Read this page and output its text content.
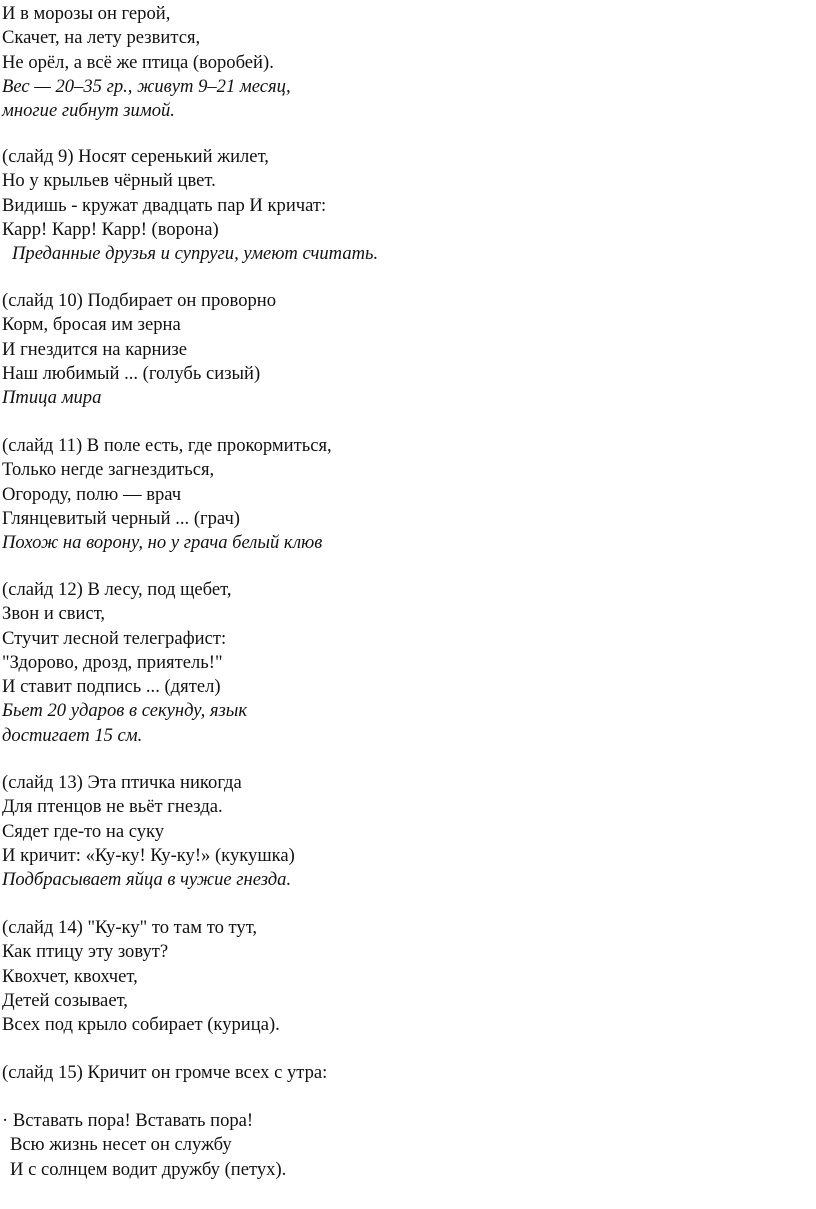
И в морозы он герой,
Скачет, на лету резвится,
Не орёл, а всё же птица (воробей).
Вес — 20–35 гр., живут 9–21 месяц,
многие гибнут зимой.
(слайд 9) Носят серенький жилет,
Но у крыльев чёрный цвет.
Видишь - кружат двадцать пар И кричат:
Карр! Карр! Карр! (ворона)
Преданные друзья и супруги, умеют считать.
(слайд 10) Подбирает он проворно
Корм, бросая им зерна
И гнездится на карнизе
Наш любимый ... (голубь сизый)
Птица мира
(слайд 11) В поле есть, где прокормиться,
Только негде загнездиться,
Огороду, полю — врач
Глянцевитый черный ... (грач)
Похож на ворону, но у грача белый клюв
(слайд 12) В лесу, под щебет,
Звон и свист,
Стучит лесной телеграфист:
"Здорово, дрозд, приятель!"
И ставит подпись ... (дятел)
Бьет 20 ударов в секунду, язык
достигает 15 см.
(слайд 13) Эта птичка никогда
Для птенцов не вьёт гнезда.
Сядет где-то на суку
И кричит: «Ку-ку! Ку-ку!» (кукушка)
Подбрасывает яйца в чужие гнезда.
(слайд 14) "Ку-ку" то там то тут,
Как птицу эту зовут?
Квохчет, квохчет,
Детей созывает,
Всех под крыло собирает (курица).
(слайд 15) Кричит он громче всех с утра:
· Вставать пора! Вставать пора!
Всю жизнь несет он службу
И с солнцем водит дружбу (петух).
